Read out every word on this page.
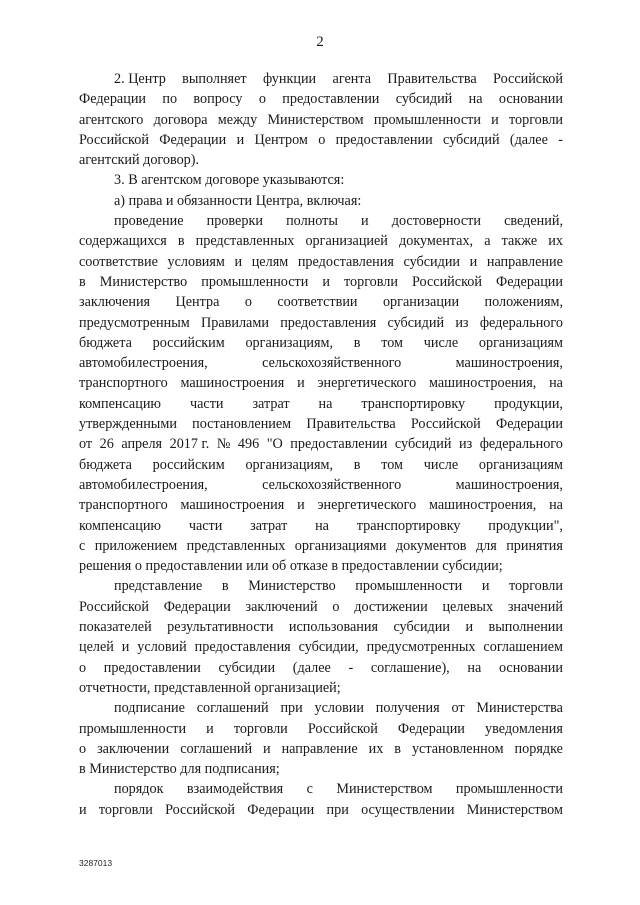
2
2. Центр выполняет функции агента Правительства Российской
Федерации по вопросу о предоставлении субсидий на основании
агентского договора между Министерством промышленности и торговли
Российской Федерации и Центром о предоставлении субсидий (далее -
агентский договор).
3. В агентском договоре указываются:
а) права и обязанности Центра, включая:
проведение проверки полноты и достоверности сведений,
содержащихся в представленных организацией документах, а также их
соответствие условиям и целям предоставления субсидии и направление
в Министерство промышленности и торговли Российской Федерации
заключения Центра о соответствии организации положениям,
предусмотренным Правилами предоставления субсидий из федерального
бюджета российским организациям, в том числе организациям
автомобилестроения,	сельскохозяйственного	машиностроения,
транспортного машиностроения и энергетического машиностроения, на
компенсацию части затрат на транспортировку продукции,
утвержденными постановлением Правительства Российской Федерации
от 26 апреля 2017 г. № 496 "О предоставлении субсидий из федерального
бюджета российским организациям, в том числе организациям
автомобилестроения,	сельскохозяйственного	машиностроения,
транспортного машиностроения и энергетического машиностроения, на
компенсацию части затрат на транспортировку продукции",
с приложением представленных организациями документов для принятия
решения о предоставлении или об отказе в предоставлении субсидии;
представление в Министерство промышленности и торговли
Российской Федерации заключений о достижении целевых значений
показателей результативности использования субсидии и выполнении
целей и условий предоставления субсидии, предусмотренных соглашением
о предоставлении субсидии (далее - соглашение), на основании
отчетности, представленной организацией;
подписание соглашений при условии получения от Министерства
промышленности и торговли Российской Федерации уведомления
о заключении соглашений и направление их в установленном порядке
в Министерство для подписания;
порядок взаимодействия с Министерством промышленности
и торговли Российской Федерации при осуществлении Министерством
3287013
